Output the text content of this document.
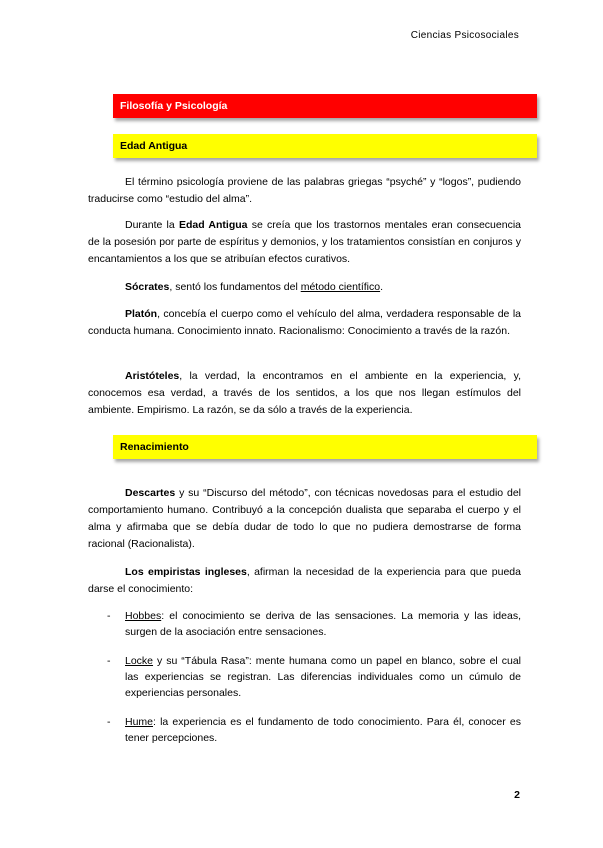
Ciencias Psicosociales
Filosofía y Psicología
Edad Antigua
El término psicología proviene de las palabras griegas “psyché” y “logos”, pudiendo traducirse como “estudio del alma”.
Durante la Edad Antigua se creía que los trastornos mentales eran consecuencia de la posesión por parte de espíritus y demonios, y los tratamientos consistían en conjuros y encantamientos a los que se atribuían efectos curativos.
Sócrates, sentó los fundamentos del método científico.
Platón, concebía el cuerpo como el vehículo del alma, verdadera responsable de la conducta humana. Conocimiento innato. Racionalismo: Conocimiento a través de la razón.
Aristóteles, la verdad, la encontramos en el ambiente en la experiencia, y, conocemos esa verdad, a través de los sentidos, a los que nos llegan estímulos del ambiente. Empirismo. La razón, se da sólo a través de la experiencia.
Renacimiento
Descartes y su “Discurso del método”, con técnicas novedosas para el estudio del comportamiento humano. Contribuyó a la concepción dualista que separaba el cuerpo y el alma y afirmaba que se debía dudar de todo lo que no pudiera demostrarse de forma racional (Racionalista).
Los empiristas ingleses, afirman la necesidad de la experiencia para que pueda darse el conocimiento:
- Hobbes: el conocimiento se deriva de las sensaciones. La memoria y las ideas, surgen de la asociación entre sensaciones.
- Locke y su “Tábula Rasa”: mente humana como un papel en blanco, sobre el cual las experiencias se registran. Las diferencias individuales como un cúmulo de experiencias personales.
- Hume: la experiencia es el fundamento de todo conocimiento. Para él, conocer es tener percepciones.
2
